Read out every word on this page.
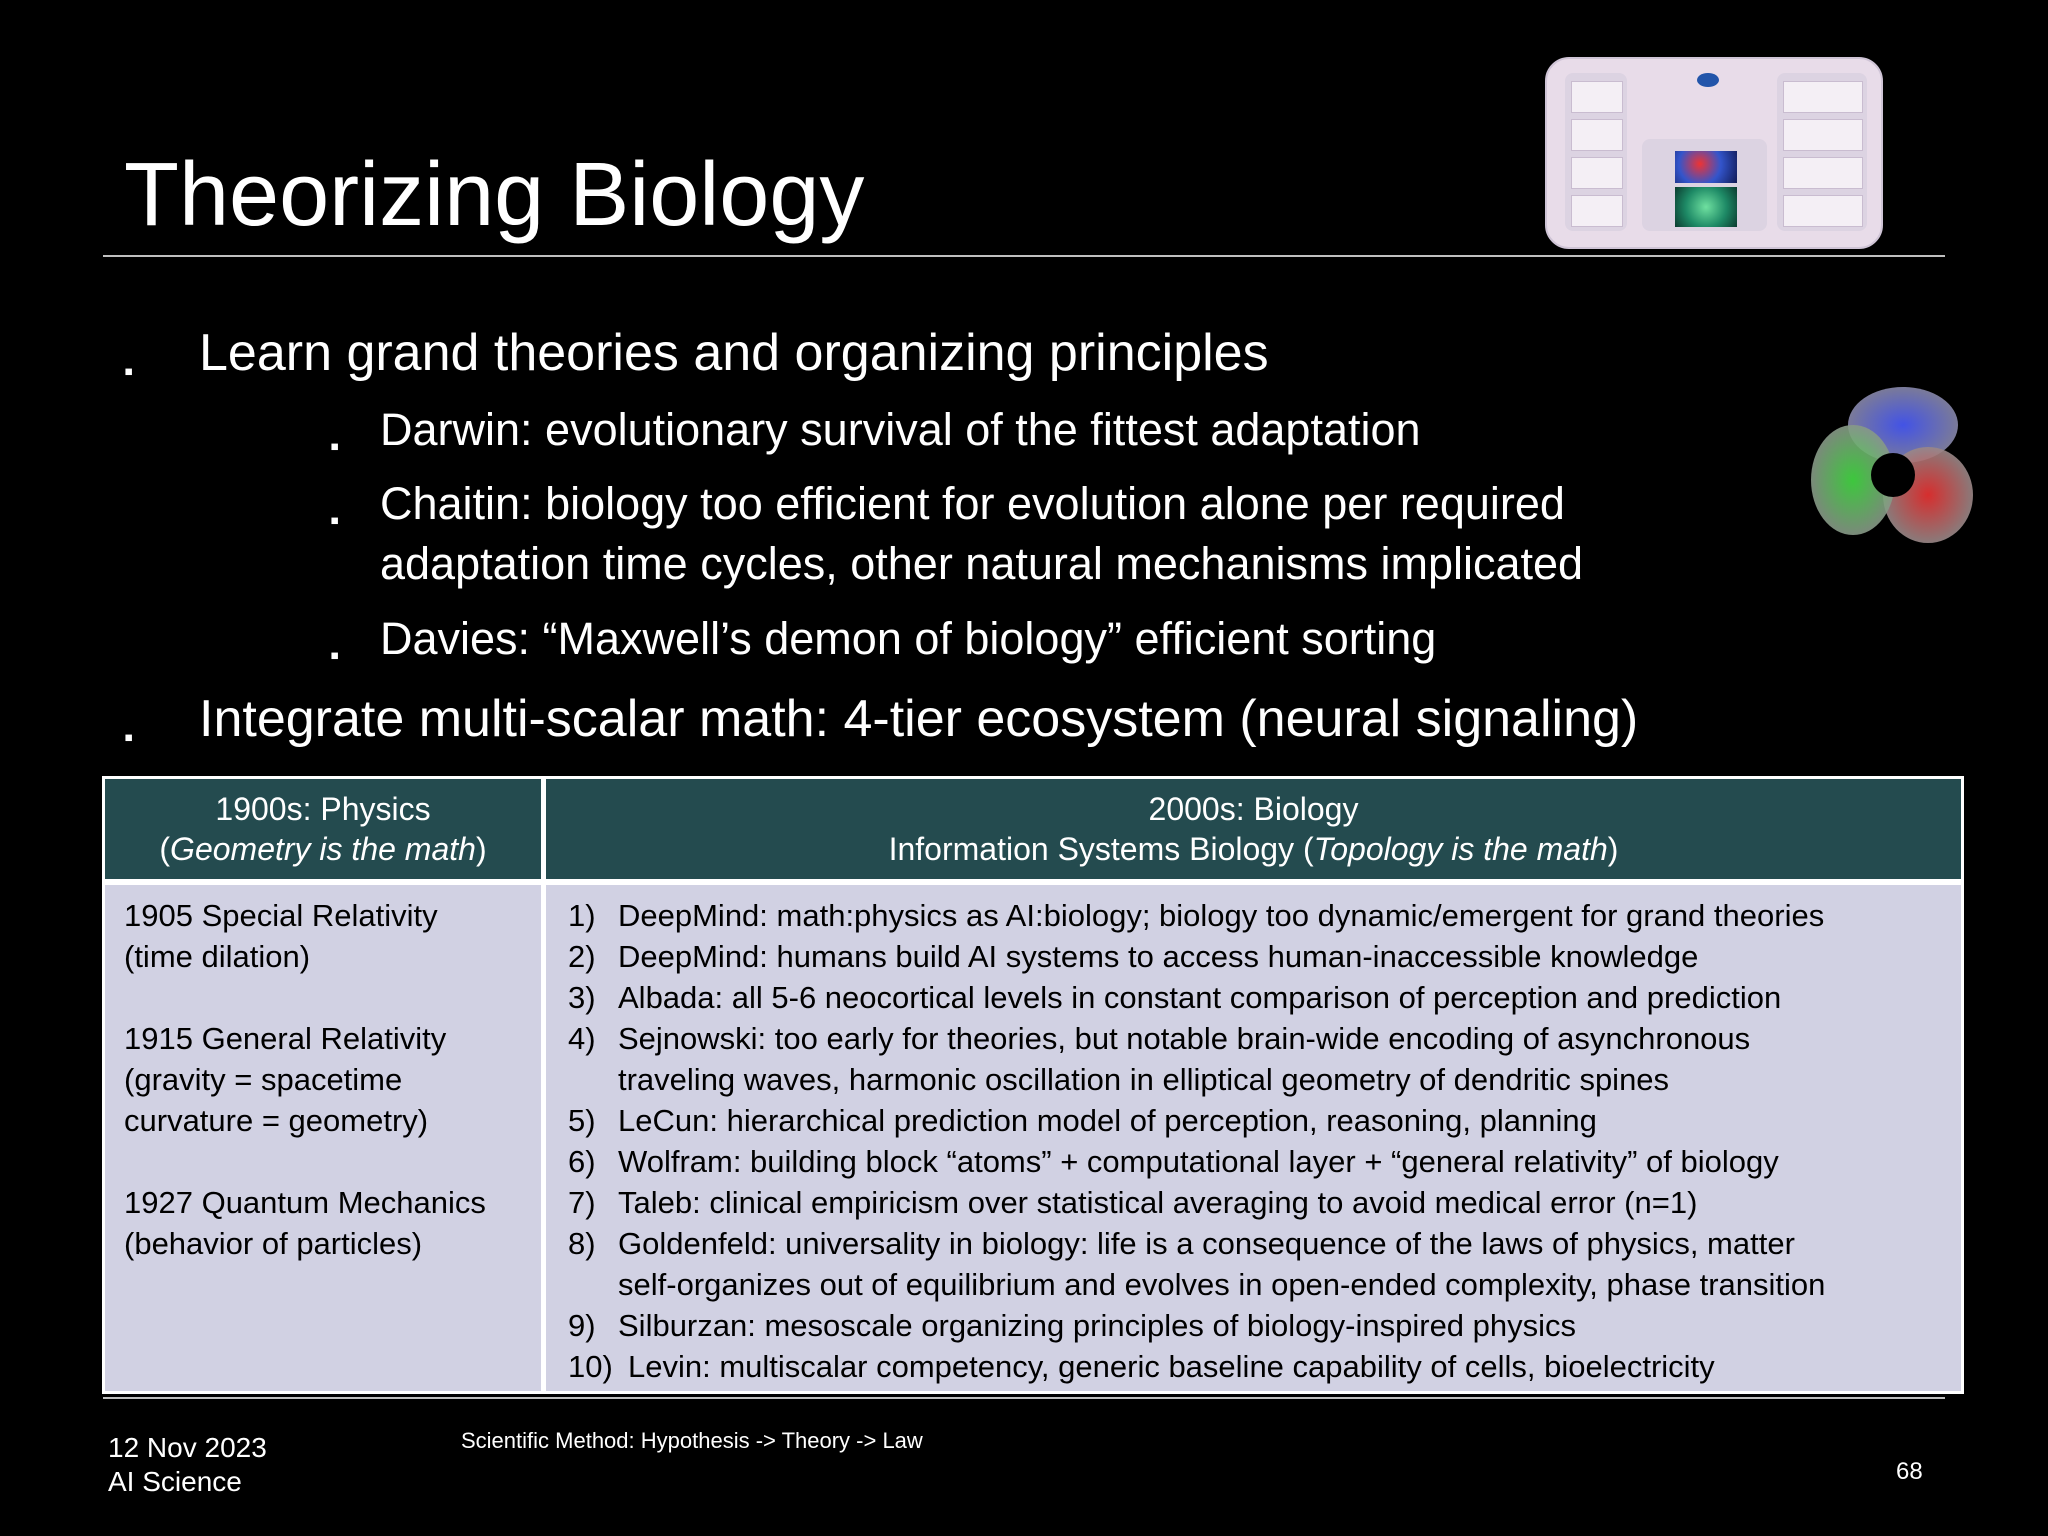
Theorizing Biology
▪ Learn grand theories and organizing principles
▪ Darwin: evolutionary survival of the fittest adaptation
▪ Chaitin: biology too efficient for evolution alone per required
adaptation time cycles, other natural mechanisms implicated
▪ Davies: “Maxwell’s demon of biology” efficient sorting
▪ Integrate multi-scalar math: 4-tier ecosystem (neural signaling)
1900s: Physics
(Geometry is the math)
2000s: Biology
Information Systems Biology (Topology is the math)
1905 Special Relativity
(time dilation)
1915 General Relativity
(gravity = spacetime
curvature = geometry)
1927 Quantum Mechanics
(behavior of particles)
1) DeepMind: math:physics as AI:biology; biology too dynamic/emergent for grand theories
2) DeepMind: humans build AI systems to access human-inaccessible knowledge
3) Albada: all 5-6 neocortical levels in constant comparison of perception and prediction
4) Sejnowski: too early for theories, but notable brain-wide encoding of asynchronous
traveling waves, harmonic oscillation in elliptical geometry of dendritic spines
5) LeCun: hierarchical prediction model of perception, reasoning, planning
6) Wolfram: building block “atoms” + computational layer + “general relativity” of biology
7) Taleb: clinical empiricism over statistical averaging to avoid medical error (n=1)
8) Goldenfeld: universality in biology: life is a consequence of the laws of physics, matter
self-organizes out of equilibrium and evolves in open-ended complexity, phase transition
9) Silburzan: mesoscale organizing principles of biology-inspired physics
10) Levin: multiscalar competency, generic baseline capability of cells, bioelectricity
12 Nov 2023
AI Science
Scientific Method: Hypothesis -> Theory -> Law
68
